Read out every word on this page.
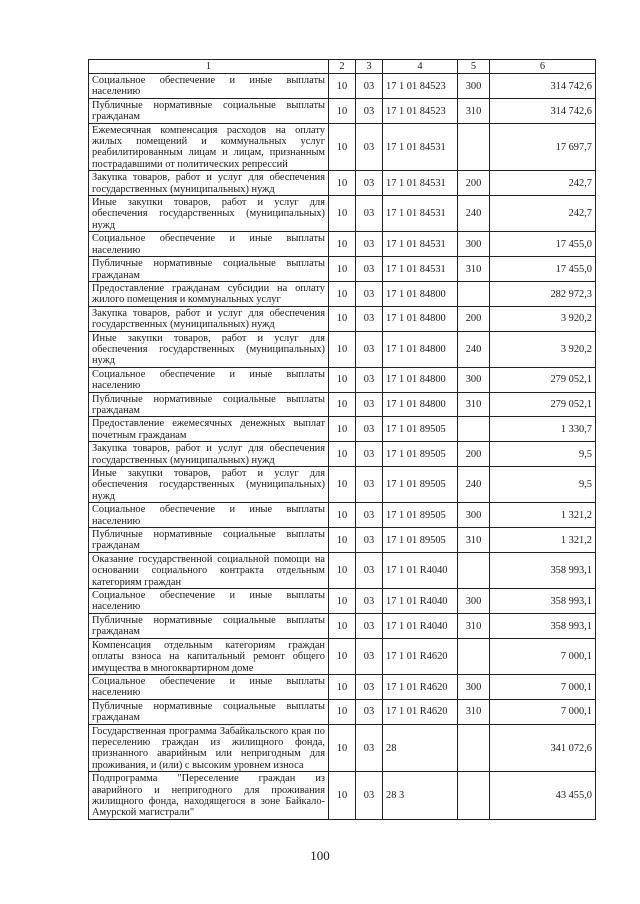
1	2	3	4	5	6
Социальное обеспечение и иные выплаты населению	10	03	17 1 01 84523	300	314 742,6
Публичные нормативные социальные выплаты гражданам	10	03	17 1 01 84523	310	314 742,6
Ежемесячная компенсация расходов на оплату жилых помещений и коммунальных услуг реабилитированным лицам и лицам, признанным пострадавшими от политических репрессий	10	03	17 1 01 84531		17 697,7
Закупка товаров, работ и услуг для обеспечения государственных (муниципальных) нужд	10	03	17 1 01 84531	200	242,7
Иные закупки товаров, работ и услуг для обеспечения государственных (муниципальных) нужд	10	03	17 1 01 84531	240	242,7
Социальное обеспечение и иные выплаты населению	10	03	17 1 01 84531	300	17 455,0
Публичные нормативные социальные выплаты гражданам	10	03	17 1 01 84531	310	17 455,0
Предоставление гражданам субсидии на оплату жилого помещения и коммунальных услуг	10	03	17 1 01 84800		282 972,3
Закупка товаров, работ и услуг для обеспечения государственных (муниципальных) нужд	10	03	17 1 01 84800	200	3 920,2
Иные закупки товаров, работ и услуг для обеспечения государственных (муниципальных) нужд	10	03	17 1 01 84800	240	3 920,2
Социальное обеспечение и иные выплаты населению	10	03	17 1 01 84800	300	279 052,1
Публичные нормативные социальные выплаты гражданам	10	03	17 1 01 84800	310	279 052,1
Предоставление ежемесячных денежных выплат почетным гражданам	10	03	17 1 01 89505		1 330,7
Закупка товаров, работ и услуг для обеспечения государственных (муниципальных) нужд	10	03	17 1 01 89505	200	9,5
Иные закупки товаров, работ и услуг для обеспечения государственных (муниципальных) нужд	10	03	17 1 01 89505	240	9,5
Социальное обеспечение и иные выплаты населению	10	03	17 1 01 89505	300	1 321,2
Публичные нормативные социальные выплаты гражданам	10	03	17 1 01 89505	310	1 321,2
Оказание государственной социальной помощи на основании социального контракта отдельным категориям граждан	10	03	17 1 01 R4040		358 993,1
Социальное обеспечение и иные выплаты населению	10	03	17 1 01 R4040	300	358 993,1
Публичные нормативные социальные выплаты гражданам	10	03	17 1 01 R4040	310	358 993,1
Компенсация отдельным категориям граждан оплаты взноса на капитальный ремонт общего имущества в многоквартирном доме	10	03	17 1 01 R4620		7 000,1
Социальное обеспечение и иные выплаты населению	10	03	17 1 01 R4620	300	7 000,1
Публичные нормативные социальные выплаты гражданам	10	03	17 1 01 R4620	310	7 000,1
Государственная программа Забайкальского края по переселению граждан из жилищного фонда, признанного аварийным или непригодным для проживания, и (или) с высоким уровнем износа	10	03	28		341 072,6
Подпрограмма "Переселение граждан из аварийного и непригодного для проживания жилищного фонда, находящегося в зоне Байкало-Амурской магистрали"	10	03	28 3		43 455,0
100
